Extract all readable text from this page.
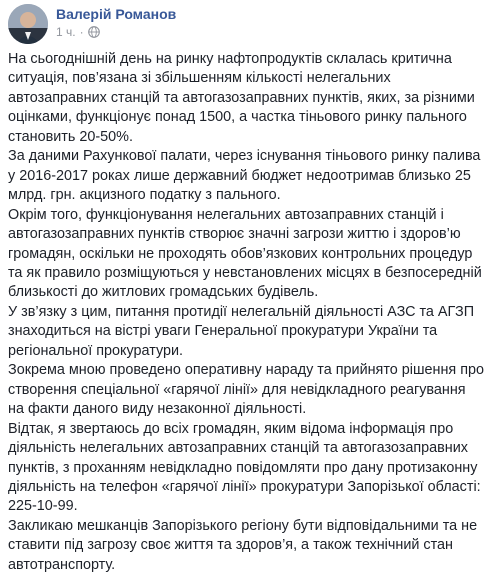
Валерій Романов
1 ч. ·

На сьогоднішній день на ринку нафтопродуктів склалась критична ситуація, пов’язана зі збільшенням кількості нелегальних автозаправних станцій та автогазозаправних пунктів, яких, за різними оцінками, функціонує понад 1500, а частка тіньового ринку пального становить 20-50%.

За даними Рахункової палати, через існування тіньового ринку палива у 2016-2017 роках лише державний бюджет недоотримав близько 25 млрд. грн. акцизного податку з пального.

Окрім того, функціонування нелегальних автозаправних станцій і автогазозаправних пунктів створює значні загрози життю і здоров’ю громадян, оскільки не проходять обов’язкових контрольних процедур та як правило розміщуються у невстановлених місцях в безпосередній близькості до житлових громадських будівель.

У зв’язку з цим, питання протидії нелегальній діяльності АЗС та АГЗП знаходиться на вістрі уваги Генеральної прокуратури України та регіональної прокуратури.

Зокрема мною проведено оперативну нараду та прийнято рішення про створення спеціальної «гарячої лінії» для невідкладного реагування на факти даного виду незаконної діяльності.

Відтак, я звертаюсь до всіх громадян, яким відома інформація про діяльність нелегальних автозаправних станцій та автогазозаправних пунктів, з проханням невідкладно повідомляти про дану протизаконну діяльність на телефон «гарячої лінії» прокуратури Запорізької області: 225-10-99.

Закликаю мешканців Запорізького регіону бути відповідальними та не ставити під загрозу своє життя та здоров’я, а також технічний стан автотранспорту.
